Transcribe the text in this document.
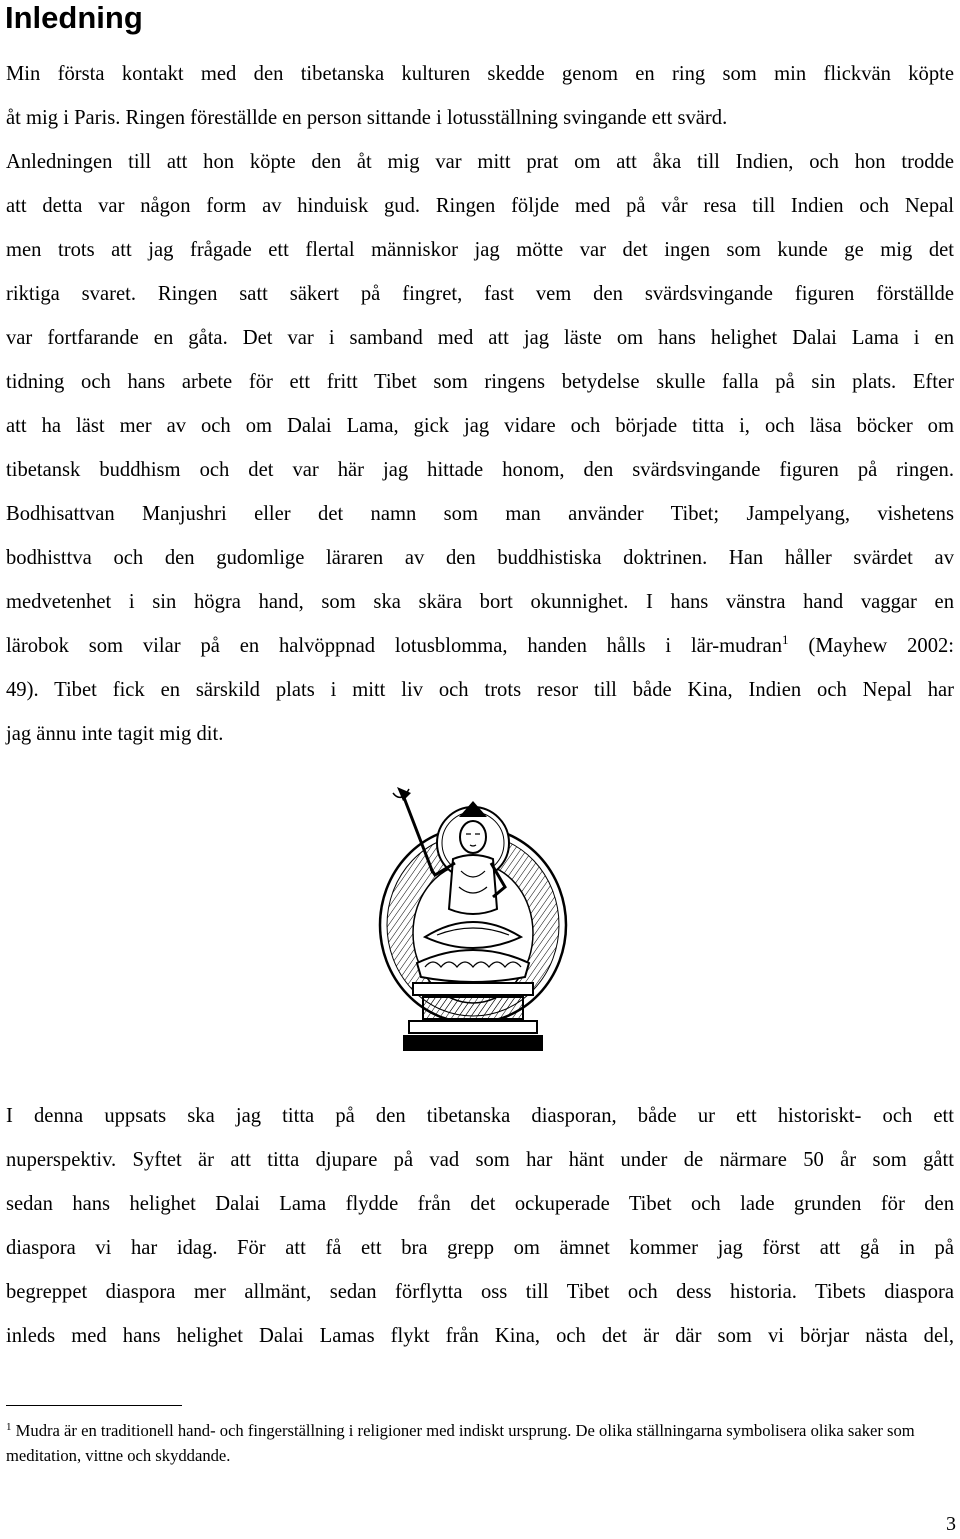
Inledning
Min första kontakt med den tibetanska kulturen skedde genom en ring som min flickvän köpte
åt mig i Paris. Ringen föreställde en person sittande i lotusställning svingande ett svärd.
Anledningen till att hon köpte den åt mig var mitt prat om att åka till Indien, och hon trodde
att detta var någon form av hinduisk gud. Ringen följde med på vår resa till Indien och Nepal
men trots att jag frågade ett flertal människor jag mötte var det ingen som kunde ge mig det
riktiga svaret. Ringen satt säkert på fingret, fast vem den svärdsvingande figuren förställde
var fortfarande en gåta. Det var i samband med att jag läste om hans helighet Dalai Lama i en
tidning och hans arbete för ett fritt Tibet som ringens betydelse skulle falla på sin plats. Efter
att ha läst mer av och om Dalai Lama, gick jag vidare och började titta i, och läsa böcker om
tibetansk buddhism och det var här jag hittade honom, den svärdsvingande figuren på ringen.
Bodhisattvan Manjushri eller det namn som man använder Tibet; Jampelyang, vishetens
bodhisttva och den gudomlige läraren av den buddhistiska doktrinen. Han håller svärdet av
medvetenhet i sin högra hand, som ska skära bort okunnighet. I hans vänstra hand vaggar en
lärobok som vilar på en halvöppnad lotusblomma, handen hålls i lär-mudran$^1$ (Mayhew 2002:
49). Tibet fick en särskild plats i mitt liv och trots resor till både Kina, Indien och Nepal har
jag ännu inte tagit mig dit.
I denna uppsats ska jag titta på den tibetanska diasporan, både ur ett historiskt- och ett
nuperspektiv. Syftet är att titta djupare på vad som har hänt under de närmare 50 år som gått
sedan hans helighet Dalai Lama flydde från det ockuperade Tibet och lade grunden för den
diaspora vi har idag. För att få ett bra grepp om ämnet kommer jag först att gå in på
begreppet diaspora mer allmänt, sedan förflytta oss till Tibet och dess historia. Tibets diaspora
inleds med hans helighet Dalai Lamas flykt från Kina, och det är där som vi börjar nästa del,

$^1$ Mudra är en traditionell hand- och fingerställning i religioner med indiskt ursprung. De olika ställningarna symbolisera olika saker som meditation, vittne och skyddande.

3
